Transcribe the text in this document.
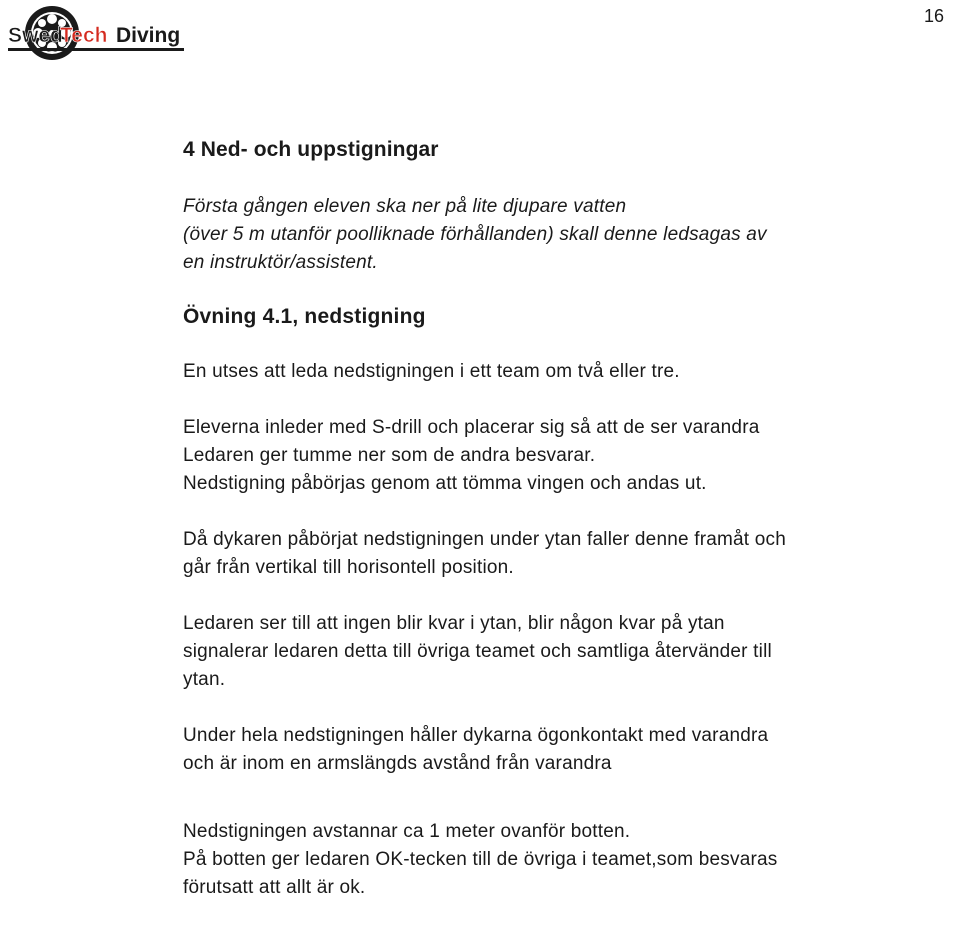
Swed
Tech Diving
16
4 Ned- och uppstigningar
Första gången eleven ska ner på lite djupare vatten
(över 5 m utanför poolliknade förhållanden) skall denne ledsagas av
en instruktör/assistent.
Övning 4.1, nedstigning

En utses att leda nedstigningen i ett team om två eller tre.

Eleverna inleder med S-drill och placerar sig så att de ser varandra
Ledaren ger tumme ner som de andra besvarar.
Nedstigning påbörjas genom att tömma vingen och andas ut.

Då dykaren påbörjat nedstigningen under ytan faller denne framåt och
går från vertikal till horisontell position.

Ledaren ser till att ingen blir kvar i ytan, blir någon kvar på ytan
signalerar ledaren detta till övriga teamet och samtliga återvänder till
ytan.

Under hela nedstigningen håller dykarna ögonkontakt med varandra
och är inom en armslängds avstånd från varandra

Nedstigningen avstannar ca 1 meter ovanför botten.
På botten ger ledaren OK-tecken till de övriga i teamet,som besvaras
förutsatt att allt är ok.
